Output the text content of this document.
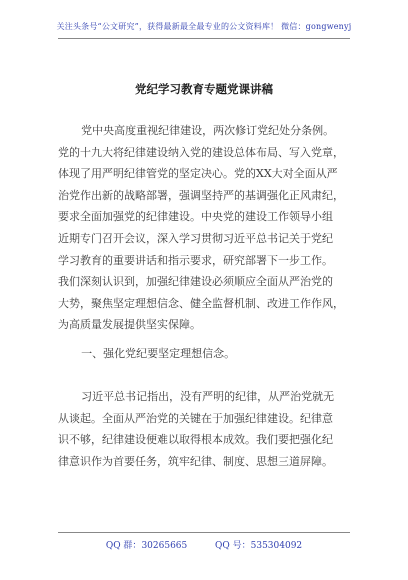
关注头条号“公文研究”，获得最新最全最专业的公文资料库！ 微信：gongwenyj
党纪学习教育专题党课讲稿
党中央高度重视纪律建设，两次修订党纪处分条例。
党的十九大将纪律建设纳入党的建设总体布局、写入党章，
体现了用严明纪律管党的坚定决心。党的XX大对全面从严
治党作出新的战略部署，强调坚持严的基调强化正风肃纪，
要求全面加强党的纪律建设。中央党的建设工作领导小组
近期专门召开会议，深入学习贯彻习近平总书记关于党纪
学习教育的重要讲话和指示要求，研究部署下一步工作。
我们深刻认识到，加强纪律建设必须顺应全面从严治党的
大势，聚焦坚定理想信念、健全监督机制、改进工作作风，
为高质量发展提供坚实保障。
一、强化党纪要坚定理想信念。
习近平总书记指出，没有严明的纪律，从严治党就无
从谈起。全面从严治党的关键在于加强纪律建设。纪律意
识不够，纪律建设便难以取得根本成效。我们要把强化纪
律意识作为首要任务，筑牢纪律、制度、思想三道屏障。
QQ 群：30265665	QQ 号：535304092
